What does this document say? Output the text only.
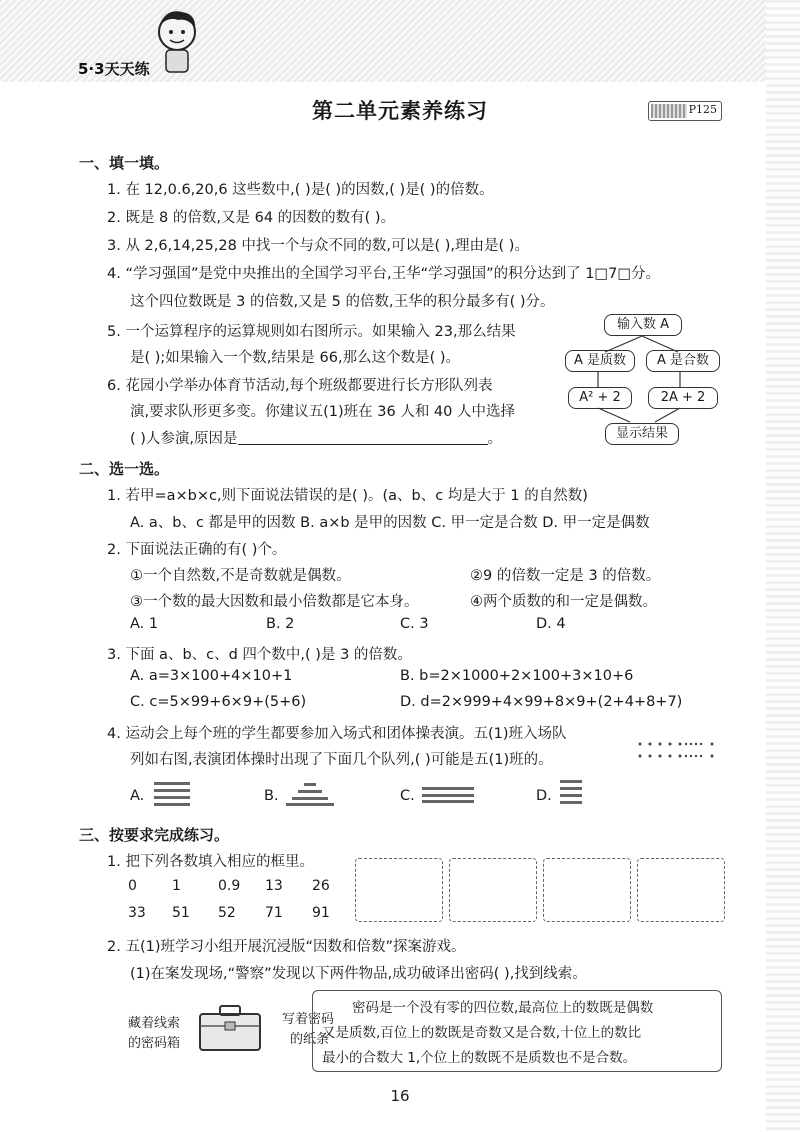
5·3天天练
第二单元素养练习	P125
一、填一填。
1. 在 12,0.6,20,6 这些数中,( )是( )的因数,( )是( )的倍数。
2. 既是 8 的倍数,又是 64 的因数的数有( )。
3. 从 2,6,14,25,28 中找一个与众不同的数,可以是( ),理由是( )。
4. “学习强国”是党中央推出的全国学习平台,王华“学习强国”的积分达到了 1□7□分。
这个四位数既是 3 的倍数,又是 5 的倍数,王华的积分最多有( )分。
5. 一个运算程序的运算规则如右图所示。如果输入 23,那么结果
是( );如果输入一个数,结果是 66,那么这个数是( )。
6. 花园小学举办体育节活动,每个班级都要进行长方形队列表
演,要求队形更多变。你建议五(1)班在 36 人和 40 人中选择
( )人参演,原因是	。
输入数 A
A 是质数	A 是合数
A² + 2	2A + 2
显示结果
二、选一选。
1. 若甲=a×b×c,则下面说法错误的是( )。(a、b、c 均是大于 1 的自然数)
A. a、b、c 都是甲的因数 B. a×b 是甲的因数 C. 甲一定是合数 D. 甲一定是偶数
2. 下面说法正确的有( )个。
①一个自然数,不是奇数就是偶数。	②9 的倍数一定是 3 的倍数。
③一个数的最大因数和最小倍数都是它本身。	④两个质数的和一定是偶数。
A. 1	B. 2	C. 3	D. 4
3. 下面 a、b、c、d 四个数中,( )是 3 的倍数。
A. a=3×100+4×10+1	B. b=2×1000+2×100+3×10+6
C. c=5×99+6×9+(5+6)	D. d=2×999+4×99+8×9+(2+4+8+7)
4. 运动会上每个班的学生都要参加入场式和团体操表演。五(1)班入场队
列如右图,表演团体操时出现了下面几个队列,( )可能是五(1)班的。
A.	B.	C.	D.
三、按要求完成练习。
1. 把下列各数填入相应的框里。
0	1	0.9 13 26
33 51 52 71 91
2. 五(1)班学习小组开展沉浸版“因数和倍数”探案游戏。
(1)在案发现场,“警察”发现以下两件物品,成功破译出密码( ),找到线索。
藏着线索
的密码箱
写着密码
的纸条
密码是一个没有零的四位数,最高位上的数既是偶数
又是质数,百位上的数既是奇数又是合数,十位上的数比
最小的合数大 1,个位上的数既不是质数也不是合数。
16
